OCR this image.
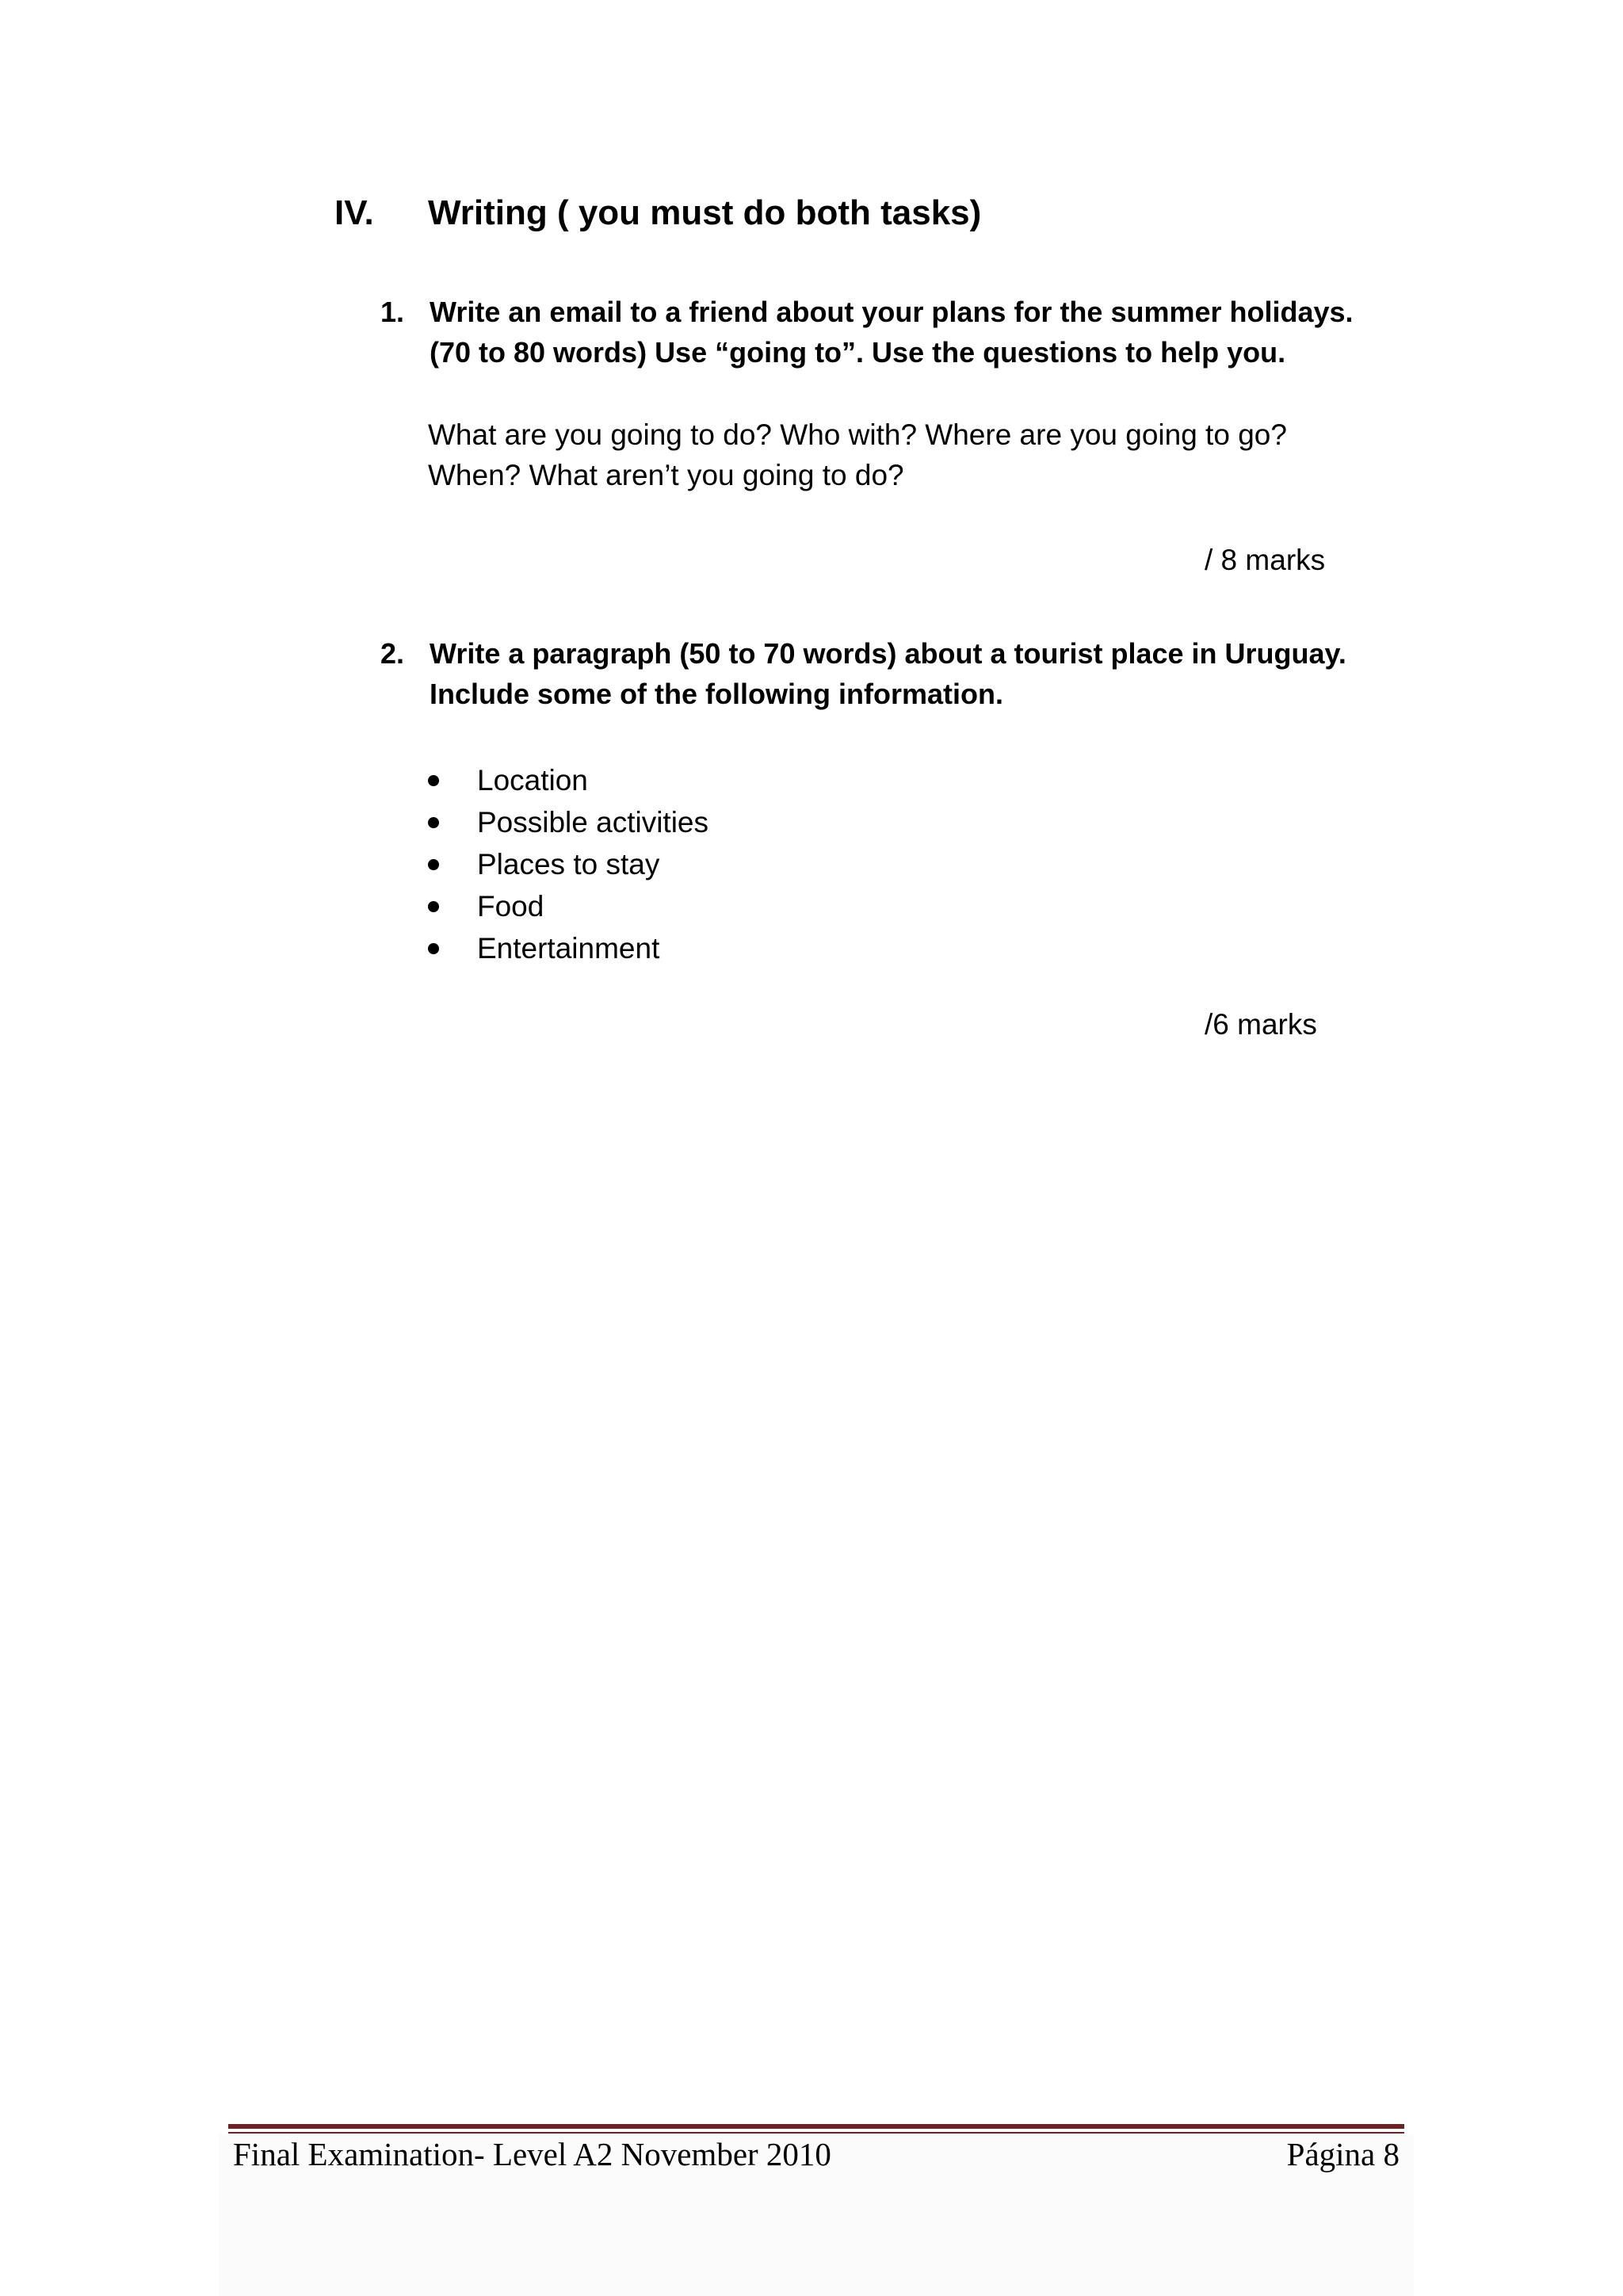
IV. Writing ( you must do both tasks)
1. Write an email to a friend about your plans for the summer holidays.
(70 to 80 words) Use “going to”. Use the questions to help you.
What are you going to do? Who with? Where are you going to go?
When? What aren’t you going to do?
/ 8 marks
2. Write a paragraph (50 to 70 words) about a tourist place in Uruguay.
Include some of the following information.
Location
Possible activities
Places to stay
Food
Entertainment
/6 marks
Final Examination- Level A2 November 2010	Página 8
